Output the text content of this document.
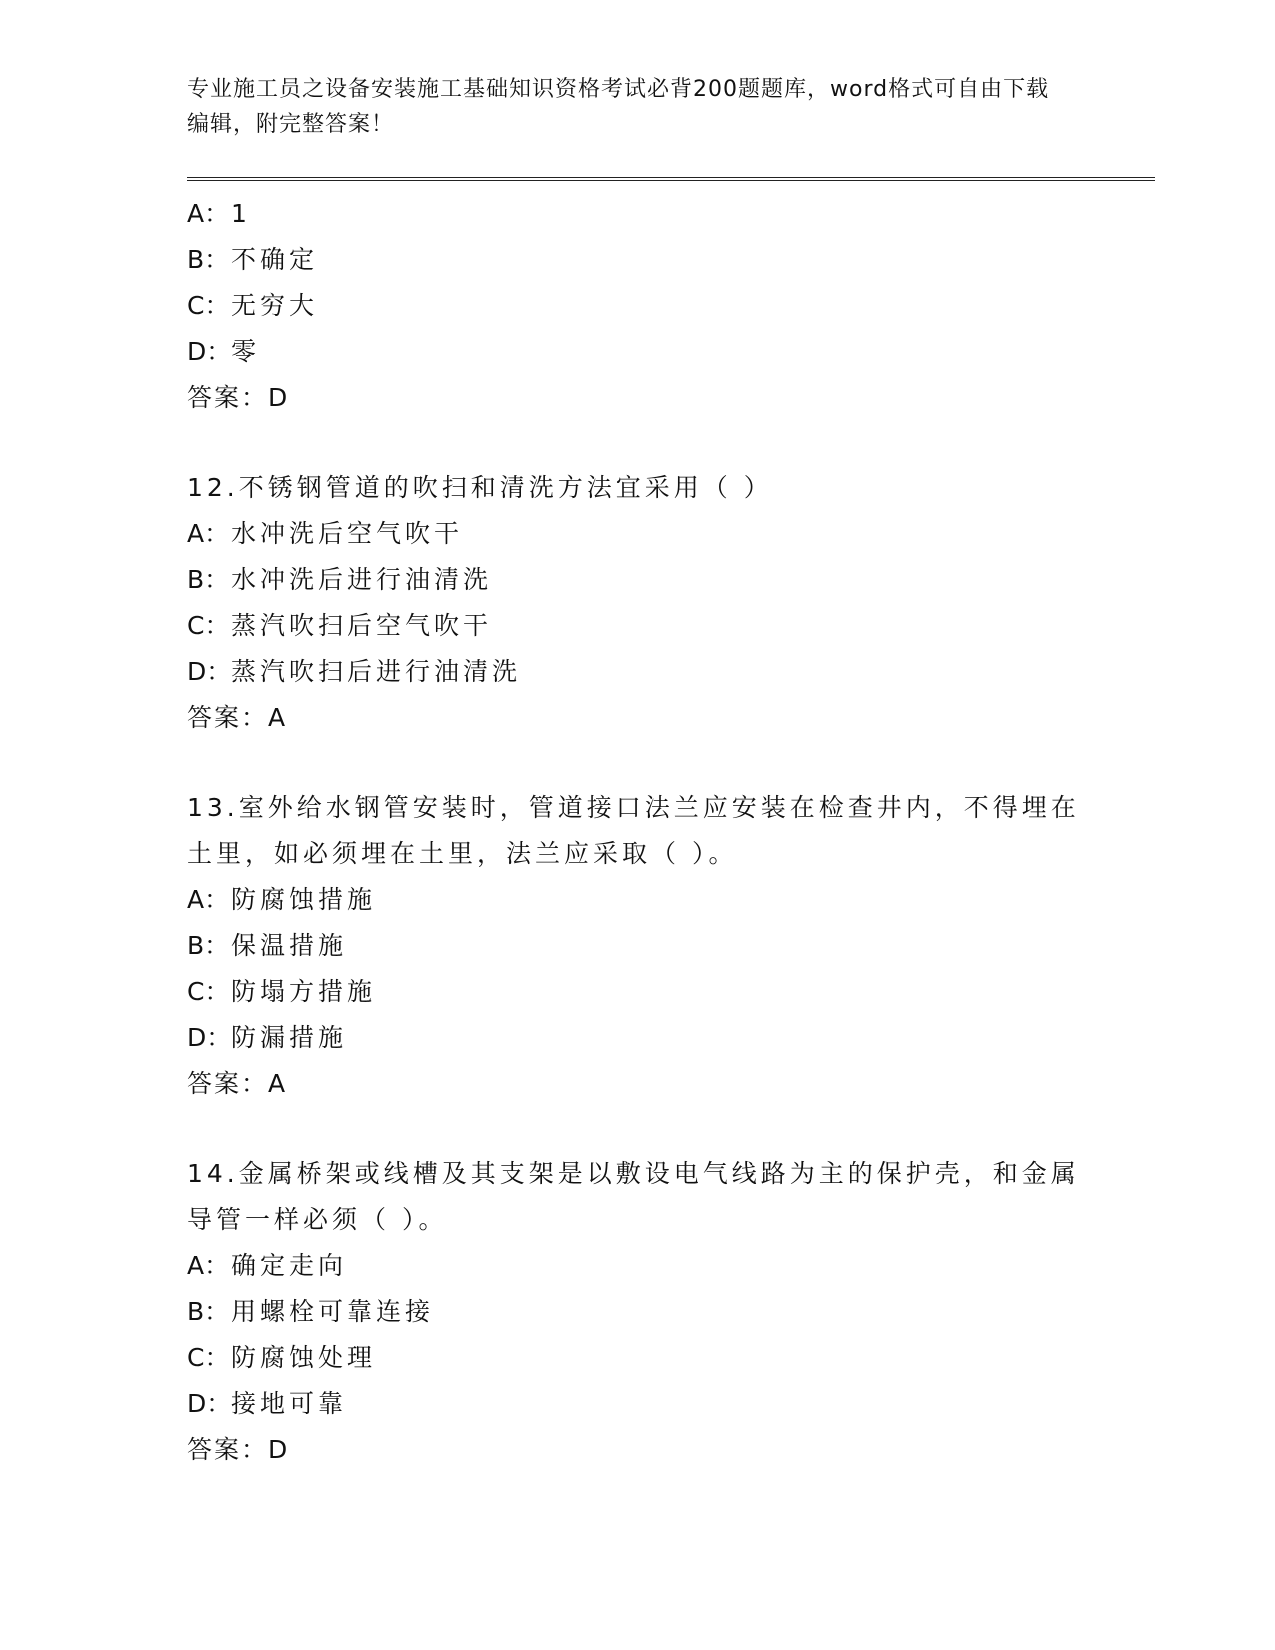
专业施工员之设备安装施工基础知识资格考试必背200题题库，word格式可自由下载编辑，附完整答案！
A：1
B：不确定
C：无穷大
D：零
答案：D
12.不锈钢管道的吹扫和清洗方法宜采用（ ）
A：水冲洗后空气吹干
B：水冲洗后进行油清洗
C：蒸汽吹扫后空气吹干
D：蒸汽吹扫后进行油清洗
答案：A
13.室外给水钢管安装时，管道接口法兰应安装在检查井内，不得埋在土里，如必须埋在土里，法兰应采取（ ）。
A：防腐蚀措施
B：保温措施
C：防塌方措施
D：防漏措施
答案：A
14.金属桥架或线槽及其支架是以敷设电气线路为主的保护壳，和金属导管一样必须（ ）。
A：确定走向
B：用螺栓可靠连接
C：防腐蚀处理
D：接地可靠
答案：D
